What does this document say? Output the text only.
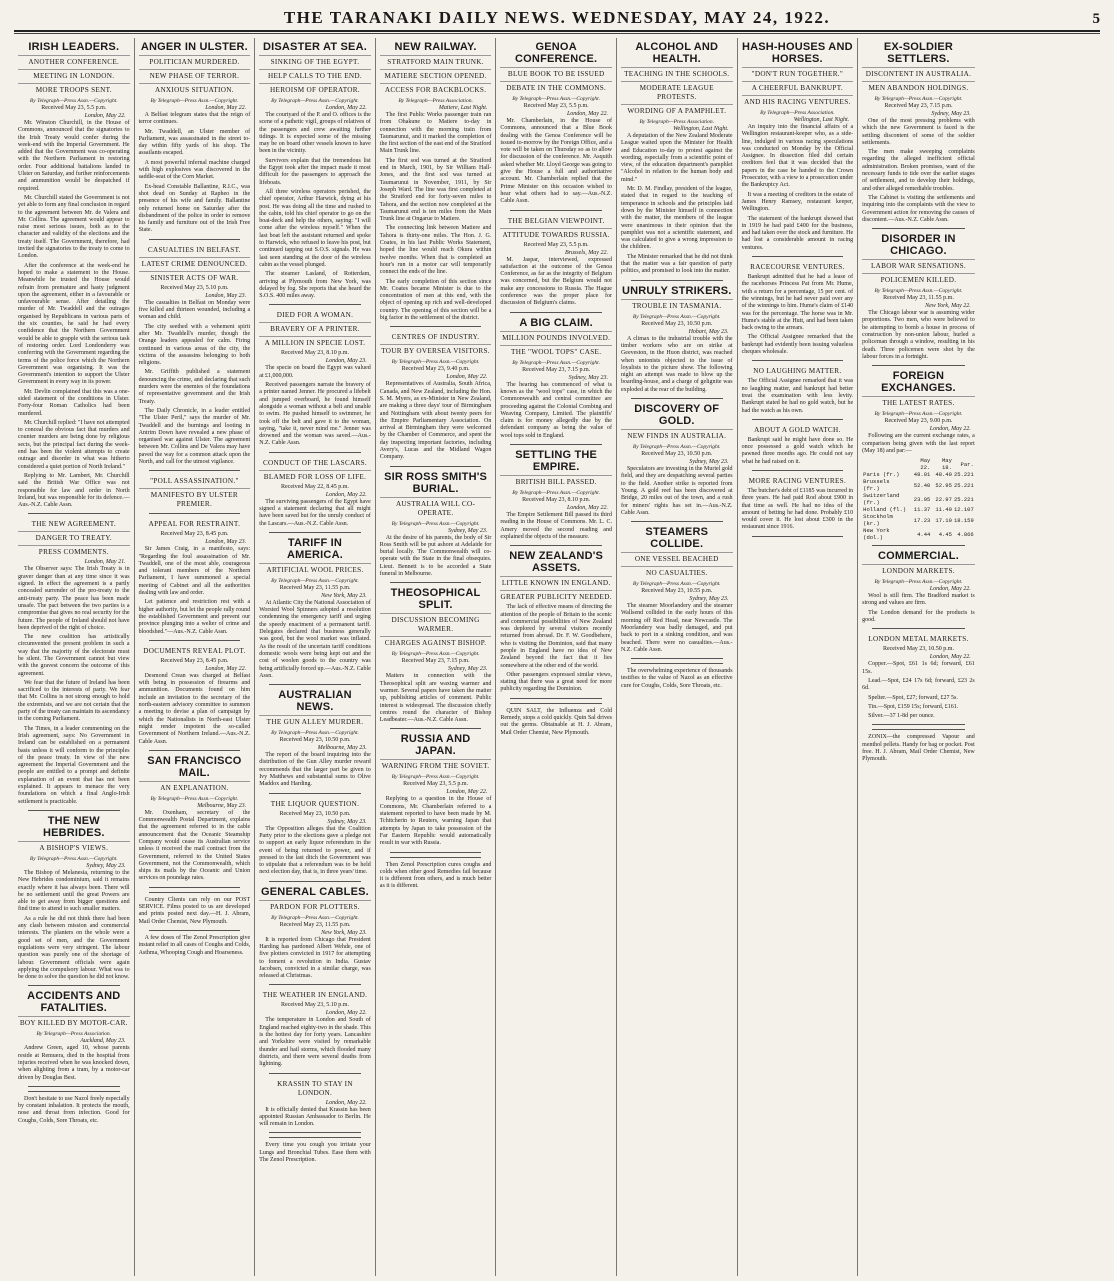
THE TARANAKI DAILY NEWS. WEDNESDAY, MAY 24, 1922.	5
IRISH LEADERS.
ANOTHER CONFERENCE.
MEETING IN LONDON.
MORE TROOPS SENT.
By Telegraph—Press Assn.—Copyright.
Received May 23, 5.5 p.m.
London, May 22.

Mr. Winston Churchill, in the House of Commons, announced that the signatories to the Irish Treaty would confer during the week-end with the Imperial Government. He added that the Government was co-operating with the Northern Parliament in restoring order. Four additional battalions landed in Ulster on Saturday, and further reinforcements and ammunition would be despatched if required.

Mr. Churchill stated the Government is not yet able to form any final conclusion in regard to the agreement between Mr. de Valera and Mr. Collins. The agreement would appear to raise most serious issues, both as to the character and validity of the elections and the treaty itself. The Government, therefore, had invited the signatories to the treaty to come to London.

After the conference at the week-end he hoped to make a statement to the House. Meanwhile he trusted the House would refrain from premature and hasty judgment upon the agreement, either in a favourable or unfavourable sense. After detailing the murder of Mr. Twaddell and the outrages organised by Republicans in various parts of the six counties, he said he had every confidence that the Northern Government would be able to grapple with the serious task of restoring order. Lord Londonderry was conferring with the Government regarding the terms of the police force which the Northern Government was organising. It was the Government's intention to support the Ulster Government in every way in its power.

Mr. Devlin complained that this was a one-sided statement of the conditions in Ulster. Forty-four Roman Catholics had been murdered.

Mr. Churchill replied: "I have not attempted to conceal the obvious fact that murders and counter murders are being done by religious sects, but the principal fact during the week-end has been the violent attempts to create outrage and disorder in what was hitherto considered a quiet portion of North Ireland."

Replying to Mr. Lambert, Mr. Churchill said the British War Office was not responsible for law and order in North Ireland, but was responsible for its defence.—Aus.-N.Z. Cable Assn.

THE NEW AGREEMENT.
DANGER TO TREATY.
PRESS COMMENTS.
London, May 21.

The Observer says: The Irish Treaty is in graver danger than at any time since it was signed. In effect the agreement is a partly concealed surrender of the pro-treaty to the anti-treaty party. The peace has been made unsafe. The pact between the two parties is a compromise that gives no real security for the future. The people of Ireland should not have been deprived of the right of choice.

The new coalition has artistically circumvented the present problem in such a way that the majority of the electorate must be silent. The Government cannot but view with the gravest concern the outcome of this agreement.

We fear that the future of Ireland has been sacrificed to the interests of party. We fear that Mr. Collins is not strong enough to hold the extremists, and we are not certain that the party of the treaty can maintain its ascendancy in the coming Parliament.

The Times, in a leader commenting on the Irish agreement, says: No Government in Ireland can be established on a permanent basis unless it will conform to the principles of the peace treaty. In view of the new agreement the Imperial Government and the people are entitled to a prompt and definite explanation of an event that has not been explained. It appears to menace the very foundations on which a final Anglo-Irish settlement is practicable.

THE NEW HEBRIDES.
A BISHOP'S VIEWS.
By Telegraph—Press Assn.—Copyright.
Sydney, May 23.

The Bishop of Melanesia, returning to the New Hebrides condominium, said it remains exactly where it has always been. There will be no settlement until the great Powers are able to get away from bigger questions and find time to attend to such smaller matters.

As a rule he did not think there had been any clash between mission and commercial interests. The planters on the whole were a good set of men, and the Government regulations were very stringent. The labour question was purely one of the shortage of labour. Government officials were again applying the compulsory labour. What was to be done to solve the question he did not know.

ACCIDENTS AND FATALITIES.
BOY KILLED BY MOTOR-CAR.
By Telegraph—Press Association.
Auckland, May 23.

Andrew Green, aged 10, whose parents reside at Remuera, died in the hospital from injuries received when he was knocked down, when alighting from a tram, by a motor-car driven by Douglas Best.

Don't hesitate to use Nazol freely especially by constant inhalation. It protects the mouth, nose and throat from infection. Good for Coughs, Colds, Sore Throats, etc.

ANGER IN ULSTER.
POLITICIAN MURDERED.
NEW PHASE OF TERROR.
ANXIOUS SITUATION.
By Telegraph—Press Assn.—Copyright.
London, May 22.

A Belfast telegram states that the reign of terror continues.

Mr. Twaddell, an Ulster member of Parliament, was assassinated in the street to-day within fifty yards of his shop. The assailants escaped.

A most powerful infernal machine charged with high explosives was discovered in the saddle-seat of the Corn Market.

Ex-head Constable Ballantine, R.I.C., was shot dead on Sunday at Rapheo in the presence of his wife and family. Ballantine only returned home on Saturday after the disbandment of the police in order to remove his family and furniture out of the Irish Free State.

CASUALTIES IN BELFAST.
LATEST CRIME DENOUNCED.
SINISTER ACTS OF WAR.
Received May 23, 5.10 p.m.
London, May 23.

The casualties in Belfast on Monday were five killed and thirteen wounded, including a woman and child.

The city seethed with a vehement spirit after Mr. Twaddell's murder, though the Orange leaders appealed for calm. Firing continued in various areas of the city, the victims of the assassins belonging to both religions.

Mr. Griffith published a statement denouncing the crime, and declaring that such murders were the enemies of the foundations of representative government and the Irish Treaty.

The Daily Chronicle, in a leader entitled "The Ulster Peril," says the murder of Mr. Twaddell and the burnings and looting in Antrim Down have revealed a new phase of organised war against Ulster. The agreement between Mr. Collins and De Valera may have paved the way for a common attack upon the North, and call for the utmost vigilance.

"POLL ASSASSINATION."
MANIFESTO BY ULSTER PREMIER.
APPEAL FOR RESTRAINT.
Received May 23, 8.45 p.m.
London, May 23.

Sir James Craig, in a manifesto, says: "Regarding the foul assassination of Mr. Twaddell, one of the most able, courageous and tolerant members of the Northern Parliament, I have summoned a special meeting of Cabinet and all the authorities dealing with law and order.

Let patience and restriction rest with a higher authority, but let the people rally round the established Government and prevent our province plunging into a welter of crime and bloodshed."—Aus.-N.Z. Cable Assn.

DOCUMENTS REVEAL PLOT.
Received May 23, 8.45 p.m.
London, May 22.

Desmond Crean was charged at Belfast with being in possession of firearms and ammunition. Documents found on him include an invitation to the secretary of the north-eastern advisory committee to summon a meeting to devise a plan of campaign by which the Nationalists in North-east Ulster might render impotent the so-called Government of Northern Ireland.—Aus.-N.Z. Cable Assn.

SAN FRANCISCO MAIL.
AN EXPLANATION.
By Telegraph—Press Assn.—Copyright.
Melbourne, May 23.

Mr. Oxenham, secretary of the Commonwealth Postal Department, explains that the agreement referred to in the cable announcement that the Oceanic Steamship Company would cease its Australian service unless it received the mail contract from the Government, referred to the United States Government, not the Commonwealth, which ships its mails by the Oceanic and Union services on poundage rates.

Country Clients can rely on our POST SERVICE. Films posted to us are developed and prints posted next day.—H. J. Abram, Mail Order Chemist, New Plymouth.

A few doses of The Zenol Prescription give instant relief in all cases of Coughs and Colds, Asthma, Whooping Cough and Hoarseness.

DISASTER AT SEA.
SINKING OF THE EGYPT.
HELP CALLS TO THE END.
HEROISM OF OPERATOR.
By Telegraph—Press Assn.—Copyright.
London, May 22.

The courtyard of the P. and O. offices is the scene of a pathetic vigil, groups of relatives of the passengers and crew awaiting further tidings. It is expected some of the missing may be on board other vessels known to have been in the vicinity.

Survivors explain that the tremendous list the Egypt took after the impact made it most difficult for the passengers to approach the lifeboats.

All three wireless operators perished, the chief operator, Arthur Harwick, dying at his post. He was doing all the time and rushed to the cabin, told his chief operator to go on the boat-deck and help the others, saying: "I will come after the wireless myself." When the last boat left the assistant returned and spoke to Harwick, who refused to leave his post, but continued tapping out S.O.S. signals. He was last seen standing at the door of the wireless cabin as the vessel plunged.

The steamer Lasland, of Rotterdam, arriving at Plymouth from New York, was delayed by fog. She reports that she heard the S.O.S. 400 miles away.

DIED FOR A WOMAN.
BRAVERY OF A PRINTER.
A MILLION IN SPECIE LOST.
Received May 23, 8.10 p.m.
London, May 23.

The specie on board the Egypt was valued at £1,000,000.

Received passengers narrate the bravery of a printer named Jenner. He procured a lifebelt and jumped overboard, he found himself alongside a woman without a belt and unable to swim. He pushed himself to swimmer, he took off the belt and gave it to the woman, saying, "take it, never mind me." Jenner was drowned and the woman was saved.—Aus.-N.Z. Cable Assn.

CONDUCT OF THE LASCARS.
BLAMED FOR LOSS OF LIFE.
Received May 22, 8.45 p.m.
London, May 22.

The surviving passengers of the Egypt have signed a statement declaring that all might have been saved but for the unruly conduct of the Lascars.—Aus.-N.Z. Cable Assn.

TARIFF IN AMERICA.
ARTIFICIAL WOOL PRICES.
By Telegraph—Press Assn.—Copyright.
Received May 23, 11.55 p.m.
New York, May 23.

At Atlantic City the National Association of Worsted Wool Spinners adopted a resolution condemning the emergency tariff and urging the speedy enactment of a permanent tariff. Delegates declared that business generally was good, but the wool market was inflated. As the result of the uncertain tariff conditions domestic wools were being kept out and the cost of woolen goods to the country was being artificially forced up.—Aus.-N.Z. Cable Assn.

AUSTRALIAN NEWS.
THE GUN ALLEY MURDER.
By Telegraph—Press Assn.—Copyright.
Received May 23, 10.50 p.m.
Melbourne, May 23.

The report of the board inquiring into the distribution of the Gun Alley murder reward recommends that the larger part be given to Ivy Matthews and substantial sums to Olive Maddox and Harding.

THE LIQUOR QUESTION.
Received May 23, 10.50 p.m.
Sydney, May 23.

The Opposition alleges that the Coalition Party prior to the elections gave a pledge not to support an early liquor referendum in the event of being returned to power, and if pressed to the last ditch the Government was to stipulate that a referendum was to be held next election day, that is, in three years' time.

GENERAL CABLES.
PARDON FOR PLOTTERS.
By Telegraph—Press Assn.—Copyright.
Received May 23, 11.55 p.m.
New York, May 23.

It is reported from Chicago that President Harding has pardoned Albert Wehde, one of five plotters convicted in 1917 for attempting to foment a revolution in India. Gustav Jacobsen, convicted in a similar charge, was released at Christmas.

THE WEATHER IN ENGLAND.
Received May 23, 5.10 p.m.
London, May 22.

The temperature in London and South of England reached eighty-two in the shade. This is the hottest day for forty years. Lancashire and Yorkshire were visited by remarkable thunder and hail storms, which flooded many districts, and there were several deaths from lightning.

KRASSIN TO STAY IN LONDON.
London, May 22.

It is officially denied that Krassin has been appointed Russian Ambassador to Berlin. He will remain in London.

Every time you cough you irritate your Lungs and Bronchial Tubes. Ease them with The Zenol Prescription.

NEW RAILWAY.
STRATFORD MAIN TRUNK.
MATIERE SECTION OPENED.
ACCESS FOR BACKBLOCKS.
By Telegraph—Press Association.
Matiere, Last Night.

The first Public Works passenger train ran from Ohakune to Matiere to-day in connection with the morning train from Taumarunui, and it marked the completion of the first section of the east end of the Stratford Main Trunk line.

The first sod was turned at the Stratford end in March, 1901, by Sir William Hall-Jones, and the first sod was turned at Taumarunui in November, 1911, by Sir Joseph Ward. The line was first completed at the Stratford end for forty-seven miles to Tahora, and the section now completed at the Taumarunui end is ten miles from the Main Trunk line at Ongarue to Matiere.

The connecting link between Matiere and Tahora is thirty-one miles. The Hon. J. G. Coates, in his last Public Works Statement, hoped the line would reach Okura within twelve months. When that is completed an hour's run in a motor car will temporarily connect the ends of the line.

The early completion of this section since Mr. Coates became Minister is due to the concentration of men at this end, with the object of opening up rich and well-developed country. The opening of this section will be a big factor in the settlement of the district.

CENTRES OF INDUSTRY.
TOUR BY OVERSEA VISITORS.
By Telegraph—Press Assn.—Copyright.
Received May 23, 9.40 p.m.
London, May 22.

Representatives of Australia, South Africa, Canada, and New Zealand, including the Hon. S. M. Myers, as ex-Minister in New Zealand, are making a three days' tour of Birmingham and Nottingham with about twenty peers for the Empire Parliamentary Association. On arrival at Birmingham they were welcomed by the Chamber of Commerce, and spent the day inspecting important factories, including Avery's, Lucas and the Midland Wagon Company.

SIR ROSS SMITH'S BURIAL.
AUSTRALIA WILL CO-OPERATE.
By Telegraph—Press Assn.—Copyright.
Sydney, May 23.

At the desire of his parents, the body of Sir Ross Smith will be put ashore at Adelaide for burial locally. The Commonwealth will co-operate with the State in the final obsequies. Lieut. Bennett is to be accorded a State funeral in Melbourne.

THEOSOPHICAL SPLIT.
DISCUSSION BECOMING WARMER.
CHARGES AGAINST BISHOP.
By Telegraph—Press Assn.—Copyright.
Received May 23, 7.15 p.m.
Sydney, May 23.

Matters in connection with the Theosophical split are waxing warmer and warmer. Several papers have taken the matter up, publishing articles of comment. Public interest is widespread. The discussion chiefly centres round the character of Bishop Leadbeater.—Aus.-N.Z. Cable Assn.

RUSSIA AND JAPAN.
WARNING FROM THE SOVIET.
By Telegraph—Press Assn.—Copyright.
Received May 23, 5.5 p.m.
London, May 22.

Replying to a question in the House of Commons, Mr. Chamberlain referred to a statement reported to have been made by M. Tchitcherin to Reuters, warning Japan that attempts by Japan to take possession of the Far Eastern Republic would automatically result in war with Russia.

Then Zenol Prescription cures coughs and colds when other good Remedies fail because it is different from others, and is much better as it is different.

GENOA CONFERENCE.
BLUE BOOK TO BE ISSUED
DEBATE IN THE COMMONS.
By Telegraph—Press Assn.—Copyright.
Received May 23, 5.5 p.m.
London, May 22.

Mr. Chamberlain, in the House of Commons, announced that a Blue Book dealing with the Genoa Conference will be issued to-morrow by the Foreign Office, and a vote will be taken on Thursday so as to allow for discussion of the conference. Mr. Asquith asked whether Mr. Lloyd George was going to give the House a full and authoritative account. Mr. Chamberlain replied that the Prime Minister on this occasion wished to hear what others had to say.—Aus.-N.Z. Cable Assn.

THE BELGIAN VIEWPOINT.
ATTITUDE TOWARDS RUSSIA.
Received May 23, 5.5 p.m.
Brussels, May 22.

M. Jaspar, interviewed, expressed satisfaction at the outcome of the Genoa Conference, as far as the integrity of Belgium was concerned, but the Belgium would not make any concessions to Russia. The Hague conference was the proper place for discussion of Belgium's claims.

A BIG CLAIM.
MILLION POUNDS INVOLVED.
THE "WOOL TOPS" CASE.
By Telegraph—Press Assn.—Copyright.
Received May 23, 7.15 p.m.
Sydney, May 23.

The hearing has commenced of what is known as the "wool tops" case, in which the Commonwealth and central committee are proceeding against the Colonial Combing and Weaving Company, Limited. The plaintiffs' claim is for money allegedly due by the defendant company as being the value of wool tops sold in England.

SETTLING THE EMPIRE.
BRITISH BILL PASSED.
By Telegraph—Press Assn.—Copyright.
Received May 23, 8.10 p.m.
London, May 22.

The Empire Settlement Bill passed its third reading in the House of Commons. Mr. L. C. Amery moved the second reading and explained the objects of the measure.

NEW ZEALAND'S ASSETS.
LITTLE KNOWN IN ENGLAND.
GREATER PUBLICITY NEEDED.

The lack of effective means of directing the attention of the people of Britain to the scenic and commercial possibilities of New Zealand was deplored by several visitors recently returned from abroad. Dr. F. W. Goodbehere, who is visiting the Dominion, said that many people in England have no idea of New Zealand beyond the fact that it lies somewhere at the other end of the world.

Other passengers expressed similar views, stating that there was a great need for more publicity regarding the Dominion.

QUIN SALT, the Influenza and Cold Remedy, stops a cold quickly. Quin Sal drives out the germs. Obtainable at H. J. Abram, Mail Order Chemist, New Plymouth.

ALCOHOL AND HEALTH.
TEACHING IN THE SCHOOLS.
MODERATE LEAGUE PROTESTS.
WORDING OF A PAMPHLET.
By Telegraph—Press Association.
Wellington, Last Night.

A deputation of the New Zealand Moderate League waited upon the Minister for Health and Education to-day to protest against the wording, especially from a scientific point of view, of the education department's pamphlet "Alcohol in relation to the human body and mind."

Mr. D. M. Findlay, president of the league, stated that in regard to the teaching of temperance in schools and the principles laid down by the Minister himself in connection with the matter, the members of the league were unanimous in their opinion that the pamphlet was not a scientific statement, and was calculated to give a wrong impression to the children.

The Minister remarked that he did not think that the matter was a fair question of party politics, and promised to look into the matter.

UNRULY STRIKERS.
TROUBLE IN TASMANIA.
By Telegraph—Press Assn.—Copyright.
Received May 23, 10.50 p.m.
Hobart, May 23.

A climax to the industrial trouble with the timber workers who are on strike at Geeveston, in the Huon district, was reached when unionists objected to the issue of loyalists to the picture show. The following night an attempt was made to blow up the boarding-house, and a charge of gelignite was exploded at the rear of the building.

DISCOVERY OF GOLD.
NEW FINDS IN AUSTRALIA.
By Telegraph—Press Assn.—Copyright.
Received May 23, 10.50 p.m.
Sydney, May 23.

Speculators are investing in the Muriel gold field, and they are despatching several parties to the field. Another strike is reported from Young. A gold reef has been discovered at Bridge, 20 miles out of the town, and a rush for miners' rights has set in.—Aus.-N.Z. Cable Assn.

STEAMERS COLLIDE.
ONE VESSEL BEACHED
NO CASUALTIES.
By Telegraph—Press Assn.—Copyright.
Received May 23, 10.55 p.m.
Sydney, May 23.

The steamer Moorlandery and the steamer Wallsend collided in the early hours of this morning off Red Head, near Newcastle. The Moorlandery was badly damaged, and put back to port in a sinking condition, and was beached. There were no casualties.—Aus.-N.Z. Cable Assn.

The overwhelming experience of thousands testifies to the value of Nazol as an effective cure for Coughs, Colds, Sore Throats, etc.

HASH-HOUSES AND HORSES.
"DON'T RUN TOGETHER."
A CHEERFUL BANKRUPT.
AND HIS RACING VENTURES.
By Telegraph—Press Association.
Wellington, Last Night.

An inquiry into the financial affairs of a Wellington restaurant-keeper who, as a side-line, indulged in various racing speculations was conducted on Monday by the Official Assignee. In dissection filed did certain creditors feel that it was decided that the papers in the case be handed to the Crown Prosecutor, with a view to a prosecution under the Bankruptcy Act.

It was a meeting of creditors in the estate of James Henry Ramsey, restaurant keeper, Wellington.

The statement of the bankrupt showed that in 1919 he had paid £400 for the business, and had taken over the stock and furniture. He had lost a considerable amount in racing ventures.

RACECOURSE VENTURES.

Bankrupt admitted that he had a lease of the racehorses Princess Pat from Mr. Hume, with a return for a percentage, 15 per cent. of the winnings, but he had never paid over any of the winnings to him. Hume's claim of £140 was for the percentage. The horse was in Mr. Hume's stable at the Hutt, and had been taken back owing to the arrears.

The Official Assignee remarked that the bankrupt had evidently been issuing valueless cheques wholesale.

NO LAUGHING MATTER.

The Official Assignee remarked that it was no laughing matter, and bankrupt had better treat the examination with less levity. Bankrupt stated he had no gold watch, but he had the watch as his own.

ABOUT A GOLD WATCH.

Bankrupt said he might have done so. He once possessed a gold watch which he pawned three months ago. He could not say what he had raised on it.

MORE RACING VENTURES.

The butcher's debt of £1185 was incurred in three years. He had paid Rod about £900 in that time as well. He had no idea of the amount of betting he had done. Probably £10 would cover it. He lost about £300 in the restaurant since 1916.

EX-SOLDIER SETTLERS.
DISCONTENT IN AUSTRALIA.
MEN ABANDON HOLDINGS.
By Telegraph—Press Assn.—Copyright.
Received May 23, 7.15 p.m.
Sydney, May 23.

One of the most pressing problems with which the new Government is faced is the settling discontent of some of the soldier settlements.

The men make sweeping complaints regarding the alleged inefficient official administration. Broken promises, want of the necessary funds to tide over the earlier stages of settlement, and to develop their holdings, and other alleged remediable troubles.

The Cabinet is visiting the settlements and inquiring into the complaints with the view to Government action for removing the causes of discontent.—Aus.-N.Z. Cable Assn.

DISORDER IN CHICAGO.
LABOR WAR SENSATIONS.
POLICEMEN KILLED.
By Telegraph—Press Assn.—Copyright.
Received May 23, 11.55 p.m.
New York, May 22.

The Chicago labour war is assuming wider proportions. Two men, who were believed to be attempting to bomb a house in process of construction by non-union labour, hurled a policeman through a window, resulting in his death. Three policemen were shot by the labour forces in a fortnight.

FOREIGN EXCHANGES.
THE LATEST RATES.
By Telegraph—Press Assn.—Copyright.
Received May 23, 9.00 p.m.
London, May 22.

Following are the current exchange rates, a comparison being given with the last report (May 18) and par:—

	May 22.	May 18.	Par.
Paris (fr.)	48.01	48.40	25.221
Brussels (fr.)	52.40	52.95	25.221
Switzerland (fr.)	23.05	22.97	25.221
Holland (fl.)	11.37	11.40	12.107
Stockholm (kr.)	17.23	17.10	18.159
New York (dol.)	4.44	4.45	4.866
COMMERCIAL.
LONDON MARKETS.
By Telegraph—Press Assn.—Copyright.
London, May 22.

Wool is still firm. The Bradford market is strong and values are firm.

The London demand for the products is good.

LONDON METAL MARKETS.
Received May 23, 10.50 p.m.
London, May 22.

Copper.—Spot, £61 1s 6d; forward, £61 15s.

Lead.—Spot, £24 17s 6d; forward, £23 2s 6d.

Spelter.—Spot, £27; forward, £27 5s.

Tin.—Spot, £159 15s; forward, £161.

Silver.—37 1-8d per ounce.

ZONIX—the compressed Vapour and menthol pellets. Handy for bag or pocket. Post free. H. J. Abram, Mail Order Chemist, New Plymouth.
